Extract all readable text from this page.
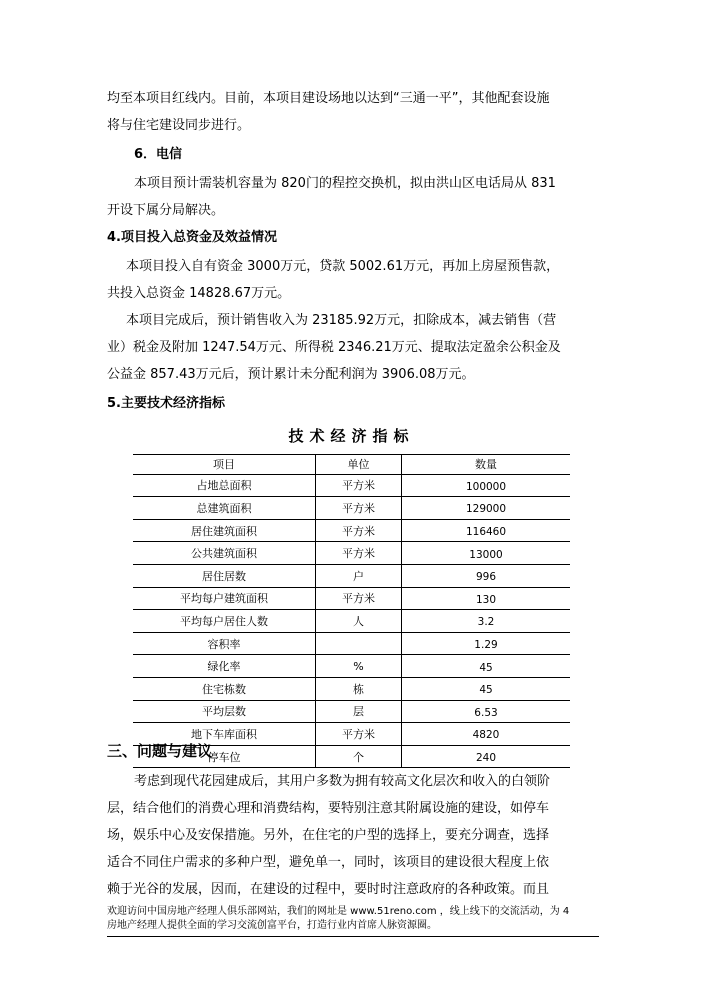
均至本项目红线内。目前，本项目建设场地以达到“三通一平”，其他配套设施
将与住宅建设同步进行。
6．电信
本项目预计需装机容量为 820门的程控交换机，拟由洪山区电话局从 831
开设下属分局解决。
4.项目投入总资金及效益情况
本项目投入自有资金 3000万元，贷款 5002.61万元，再加上房屋预售款，
共投入总资金 14828.67万元。
本项目完成后，预计销售收入为 23185.92万元，扣除成本，减去销售（营
业）税金及附加 1247.54万元、所得税 2346.21万元、提取法定盈余公积金及
公益金 857.43万元后，预计累计未分配利润为 3906.08万元。
5.主要技术经济指标
技术经济指标
项目	单位	数量
占地总面积	平方米	100000
总建筑面积	平方米	129000
居住建筑面积	平方米	116460
公共建筑面积	平方米	13000
居住居数	户	996
平均每户建筑面积	平方米	130
平均每户居住人数	人	3.2
容积率		1.29
绿化率	%	45
住宅栋数	栋	45
平均层数	层	6.53
地下车库面积	平方米	4820
停车位	个	240
三、问题与建议
考虑到现代花园建成后，其用户多数为拥有较高文化层次和收入的白领阶
层，结合他们的消费心理和消费结构，要特别注意其附属设施的建设，如停车
场，娱乐中心及安保措施。另外，在住宅的户型的选择上，要充分调查，选择
适合不同住户需求的多种户型，避免单一，同时，该项目的建设很大程度上依
赖于光谷的发展，因而，在建设的过程中，要时时注意政府的各种政策。而且
欢迎访问中国房地产经理人俱乐部网站，我们的网址是 www.51reno.com ，线上线下的交流活动，为 4
房地产经理人提供全面的学习交流创富平台，打造行业内首席人脉资源圈。
